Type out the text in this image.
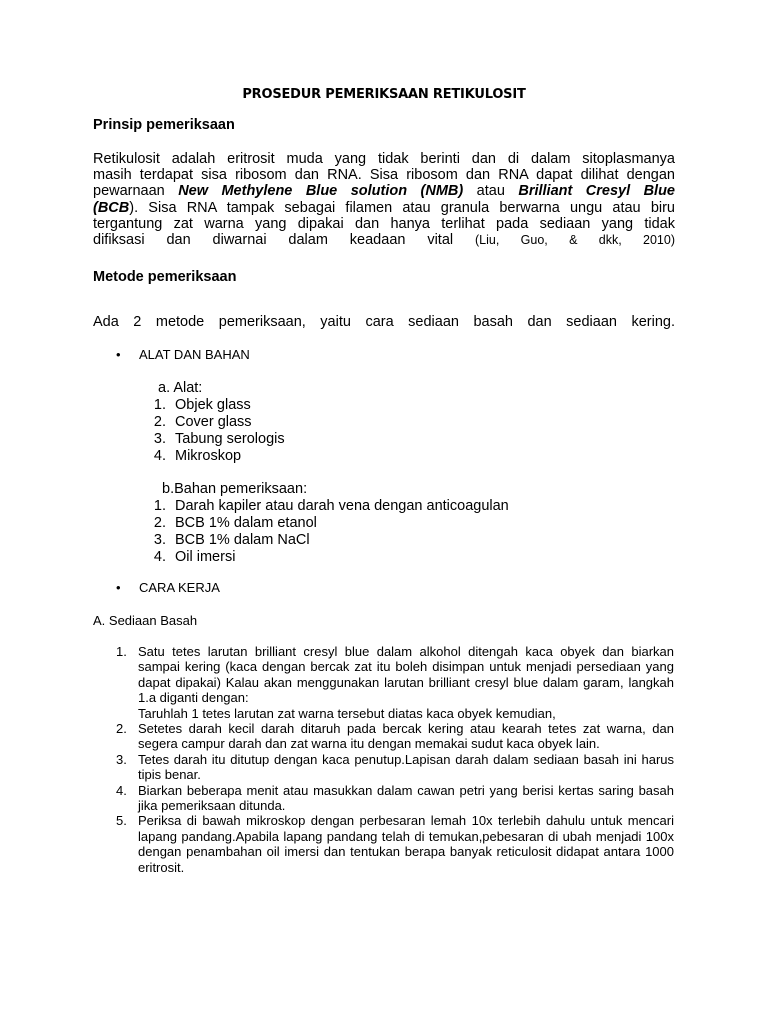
PROSEDUR PEMERIKSAAN RETIKULOSIT
Prinsip pemeriksaan
Retikulosit adalah eritrosit muda yang tidak berinti dan di dalam sitoplasmanya
masih terdapat sisa ribosom dan RNA. Sisa ribosom dan RNA dapat dilihat dengan
pewarnaan New Methylene Blue solution (NMB) atau Brilliant Cresyl Blue
(BCB). Sisa RNA tampak sebagai filamen atau granula berwarna ungu atau biru
tergantung zat warna yang dipakai dan hanya terlihat pada sediaan yang tidak
difiksasi dan diwarnai dalam keadaan vital (Liu, Guo, & dkk, 2010)
Metode pemeriksaan
Ada 2 metode pemeriksaan, yaitu cara sediaan basah dan sediaan kering.
• ALAT DAN BAHAN
a. Alat:
1. Objek glass
2. Cover glass
3. Tabung serologis
4. Mikroskop
b.Bahan pemeriksaan:
1. Darah kapiler atau darah vena dengan anticoagulan
2. BCB 1% dalam etanol
3. BCB 1% dalam NaCl
4. Oil imersi
• CARA KERJA
A. Sediaan Basah
1. Satu tetes larutan brilliant cresyl blue dalam alkohol ditengah kaca obyek dan biarkan sampai kering (kaca dengan bercak zat itu boleh disimpan untuk menjadi persediaan yang dapat dipakai) Kalau akan menggunakan larutan brilliant cresyl blue dalam garam, langkah 1.a diganti dengan:
Taruhlah 1 tetes larutan zat warna tersebut diatas kaca obyek kemudian,
2. Setetes darah kecil darah ditaruh pada bercak kering atau kearah tetes zat warna, dan segera campur darah dan zat warna itu dengan memakai sudut kaca obyek lain.
3. Tetes darah itu ditutup dengan kaca penutup.Lapisan darah dalam sediaan basah ini harus tipis benar.
4. Biarkan beberapa menit atau masukkan dalam cawan petri yang berisi kertas saring basah jika pemeriksaan ditunda.
5. Periksa di bawah mikroskop dengan perbesaran lemah 10x terlebih dahulu untuk mencari lapang pandang.Apabila lapang pandang telah di temukan,pebesaran di ubah menjadi 100x dengan penambahan oil imersi dan tentukan berapa banyak reticulosit didapat antara 1000 eritrosit.
